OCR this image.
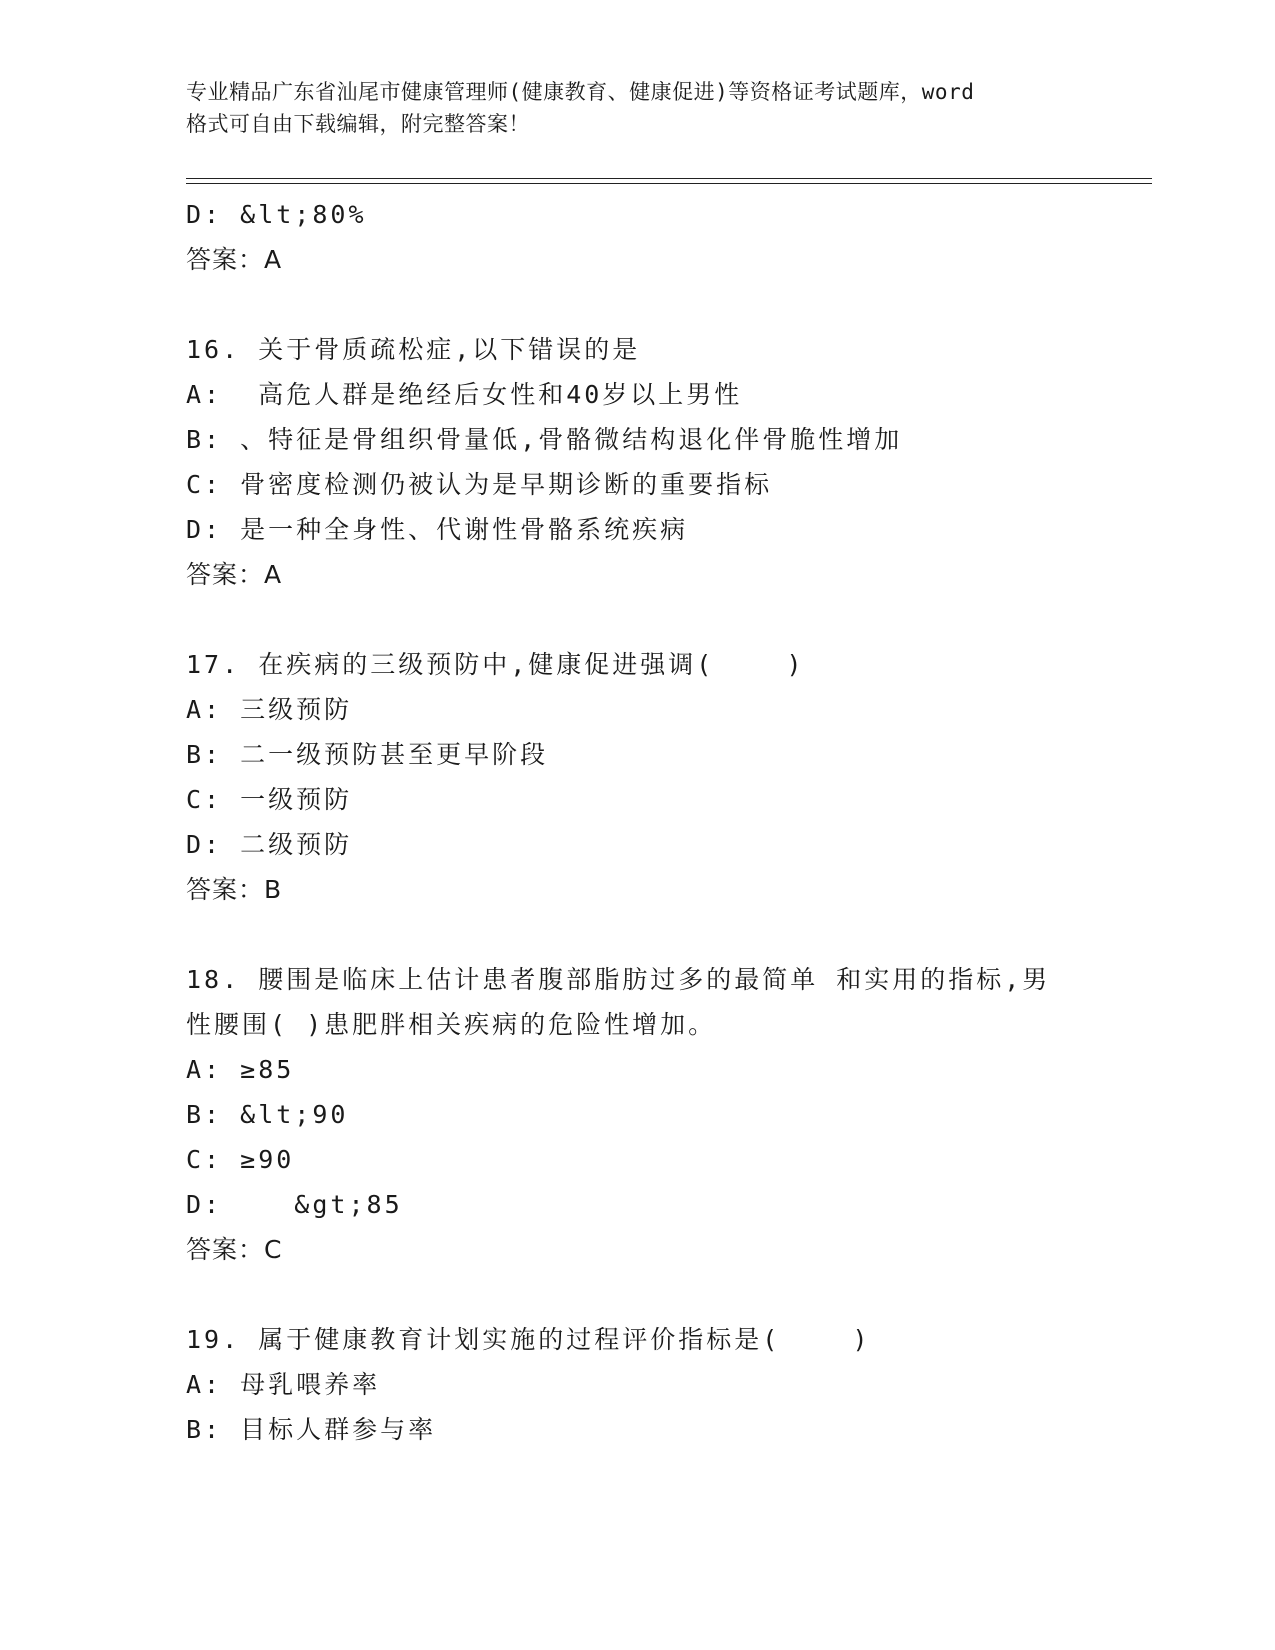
专业精品广东省汕尾市健康管理师(健康教育、健康促进)等资格证考试题库，word
格式可自由下载编辑，附完整答案！
D: &lt;80%
答案：A
16. 关于骨质疏松症,以下错误的是
A:  高危人群是绝经后女性和40岁以上男性
B: 、特征是骨组织骨量低,骨骼微结构退化伴骨脆性增加
C: 骨密度检测仍被认为是早期诊断的重要指标
D: 是一种全身性、代谢性骨骼系统疾病
答案：A
17. 在疾病的三级预防中,健康促进强调(    )
A: 三级预防
B: 二一级预防甚至更早阶段
C: 一级预防
D: 二级预防
答案：B
18. 腰围是临床上估计患者腹部脂肪过多的最简单 和实用的指标,男
性腰围( )患肥胖相关疾病的危险性增加。
A: ≥85
B: &lt;90
C: ≥90
D:    &gt;85
答案：C
19. 属于健康教育计划实施的过程评价指标是(    )
A: 母乳喂养率
B: 目标人群参与率
